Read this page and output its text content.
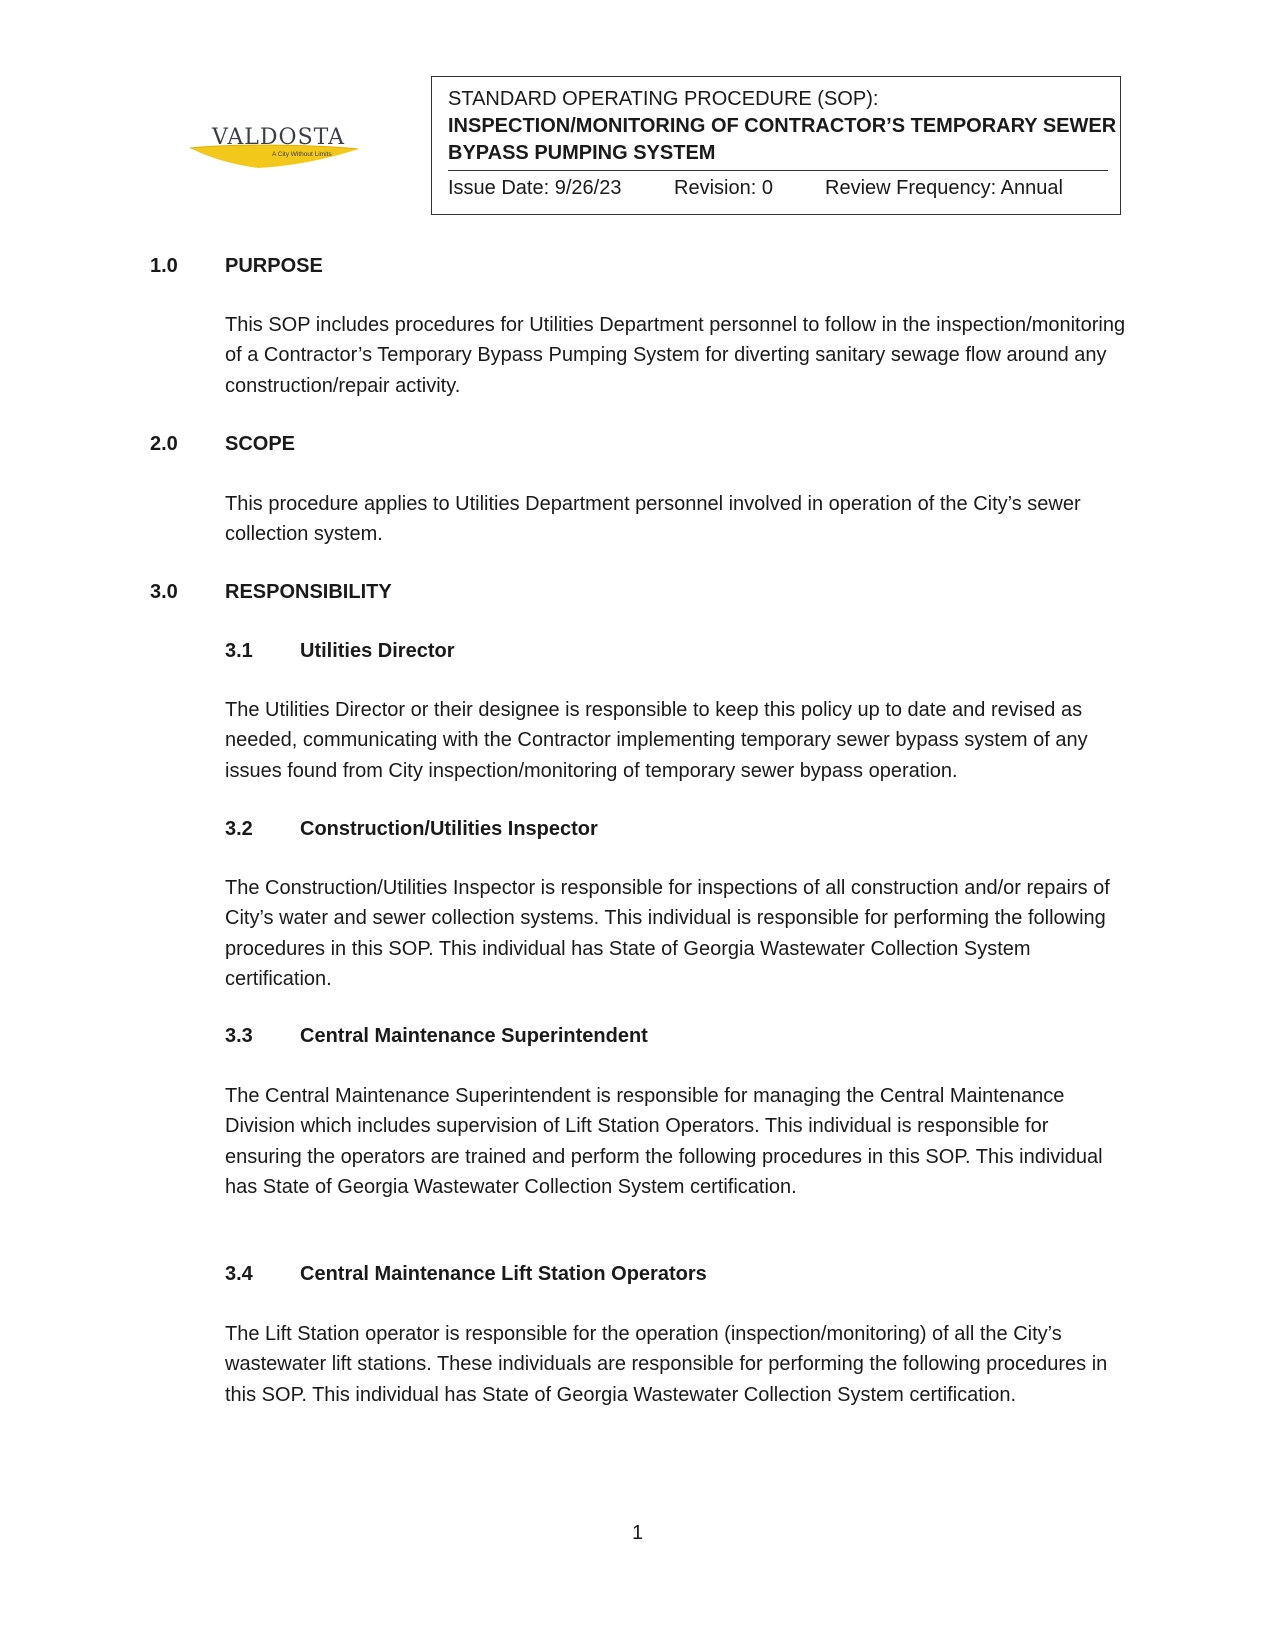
VALDOSTA
A City Without Limits
STANDARD OPERATING PROCEDURE (SOP):
INSPECTION/MONITORING OF CONTRACTOR’S TEMPORARY SEWER
BYPASS PUMPING SYSTEM
Issue Date: 9/26/23	Revision: 0	Review Frequency: Annual
1.0 PURPOSE
This SOP includes procedures for Utilities Department personnel to follow in the inspection/monitoring of a Contractor’s Temporary Bypass Pumping System for diverting sanitary sewage flow around any construction/repair activity.
2.0 SCOPE
This procedure applies to Utilities Department personnel involved in operation of the City’s sewer collection system.
3.0 RESPONSIBILITY
3.1 Utilities Director
The Utilities Director or their designee is responsible to keep this policy up to date and revised as needed, communicating with the Contractor implementing temporary sewer bypass system of any issues found from City inspection/monitoring of temporary sewer bypass operation.
3.2 Construction/Utilities Inspector
The Construction/Utilities Inspector is responsible for inspections of all construction and/or repairs of City’s water and sewer collection systems. This individual is responsible for performing the following procedures in this SOP. This individual has State of Georgia Wastewater Collection System certification.
3.3 Central Maintenance Superintendent
The Central Maintenance Superintendent is responsible for managing the Central Maintenance Division which includes supervision of Lift Station Operators. This individual is responsible for ensuring the operators are trained and perform the following procedures in this SOP. This individual has State of Georgia Wastewater Collection System certification.
3.4 Central Maintenance Lift Station Operators
The Lift Station operator is responsible for the operation (inspection/monitoring) of all the City’s wastewater lift stations. These individuals are responsible for performing the following procedures in this SOP. This individual has State of Georgia Wastewater Collection System certification.
1
